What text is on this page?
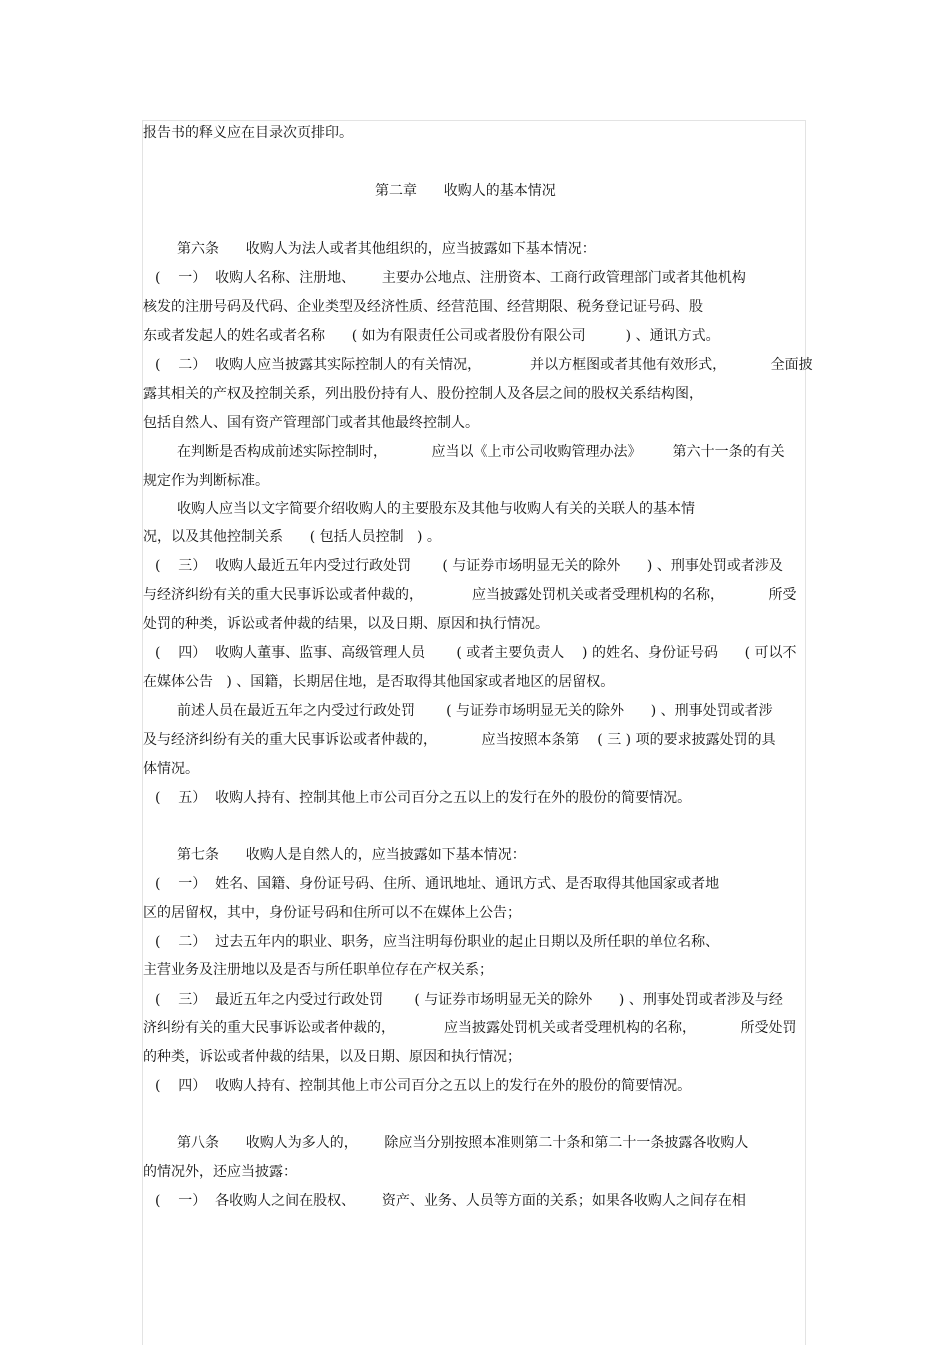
报告书的释义应在目录次页排印。
第二章      收购人的基本情况
第六条      收购人为法人或者其他组织的，应当披露如下基本情况：
(    一）  收购人名称、注册地、      主要办公地点、注册资本、工商行政管理部门或者其他机构
核发的注册号码及代码、企业类型及经济性质、经营范围、经营期限、税务登记证号码、股
东或者发起人的姓名或者名称      ( 如为有限责任公司或者股份有限公司         ) 、通讯方式。
(    二）  收购人应当披露其实际控制人的有关情况，           并以方框图或者其他有效形式，          全面披
露其相关的产权及控制关系，列出股份持有人、股份控制人及各层之间的股权关系结构图，
包括自然人、国有资产管理部门或者其他最终控制人。
在判断是否构成前述实际控制时，          应当以《上市公司收购管理办法》       第六十一条的有关
规定作为判断标准。
收购人应当以文字简要介绍收购人的主要股东及其他与收购人有关的关联人的基本情
况，以及其他控制关系      ( 包括人员控制   ) 。
(    三）  收购人最近五年内受过行政处罚       ( 与证券市场明显无关的除外      ) 、刑事处罚或者涉及
与经济纠纷有关的重大民事诉讼或者仲裁的，           应当披露处罚机关或者受理机构的名称，          所受
处罚的种类，诉讼或者仲裁的结果，以及日期、原因和执行情况。
(    四）  收购人董事、监事、高级管理人员       ( 或者主要负责人    ) 的姓名、身份证号码      ( 可以不
在媒体公告   ) 、国籍，长期居住地，是否取得其他国家或者地区的居留权。
前述人员在最近五年之内受过行政处罚       ( 与证券市场明显无关的除外      ) 、刑事处罚或者涉
及与经济纠纷有关的重大民事诉讼或者仲裁的，          应当按照本条第    ( 三 ) 项的要求披露处罚的具
体情况。
(    五）  收购人持有、控制其他上市公司百分之五以上的发行在外的股份的简要情况。
第七条      收购人是自然人的，应当披露如下基本情况：
(    一）  姓名、国籍、身份证号码、住所、通讯地址、通讯方式、是否取得其他国家或者地
区的居留权，其中，身份证号码和住所可以不在媒体上公告；
(    二）  过去五年内的职业、职务，应当注明每份职业的起止日期以及所任职的单位名称、
主营业务及注册地以及是否与所任职单位存在产权关系；
(    三）  最近五年之内受过行政处罚       ( 与证券市场明显无关的除外      ) 、刑事处罚或者涉及与经
济纠纷有关的重大民事诉讼或者仲裁的，           应当披露处罚机关或者受理机构的名称，          所受处罚
的种类，诉讼或者仲裁的结果，以及日期、原因和执行情况；
(    四）  收购人持有、控制其他上市公司百分之五以上的发行在外的股份的简要情况。
第八条      收购人为多人的，      除应当分别按照本准则第二十条和第二十一条披露各收购人
的情况外，还应当披露：
(    一）  各收购人之间在股权、      资产、业务、人员等方面的关系；如果各收购人之间存在相
